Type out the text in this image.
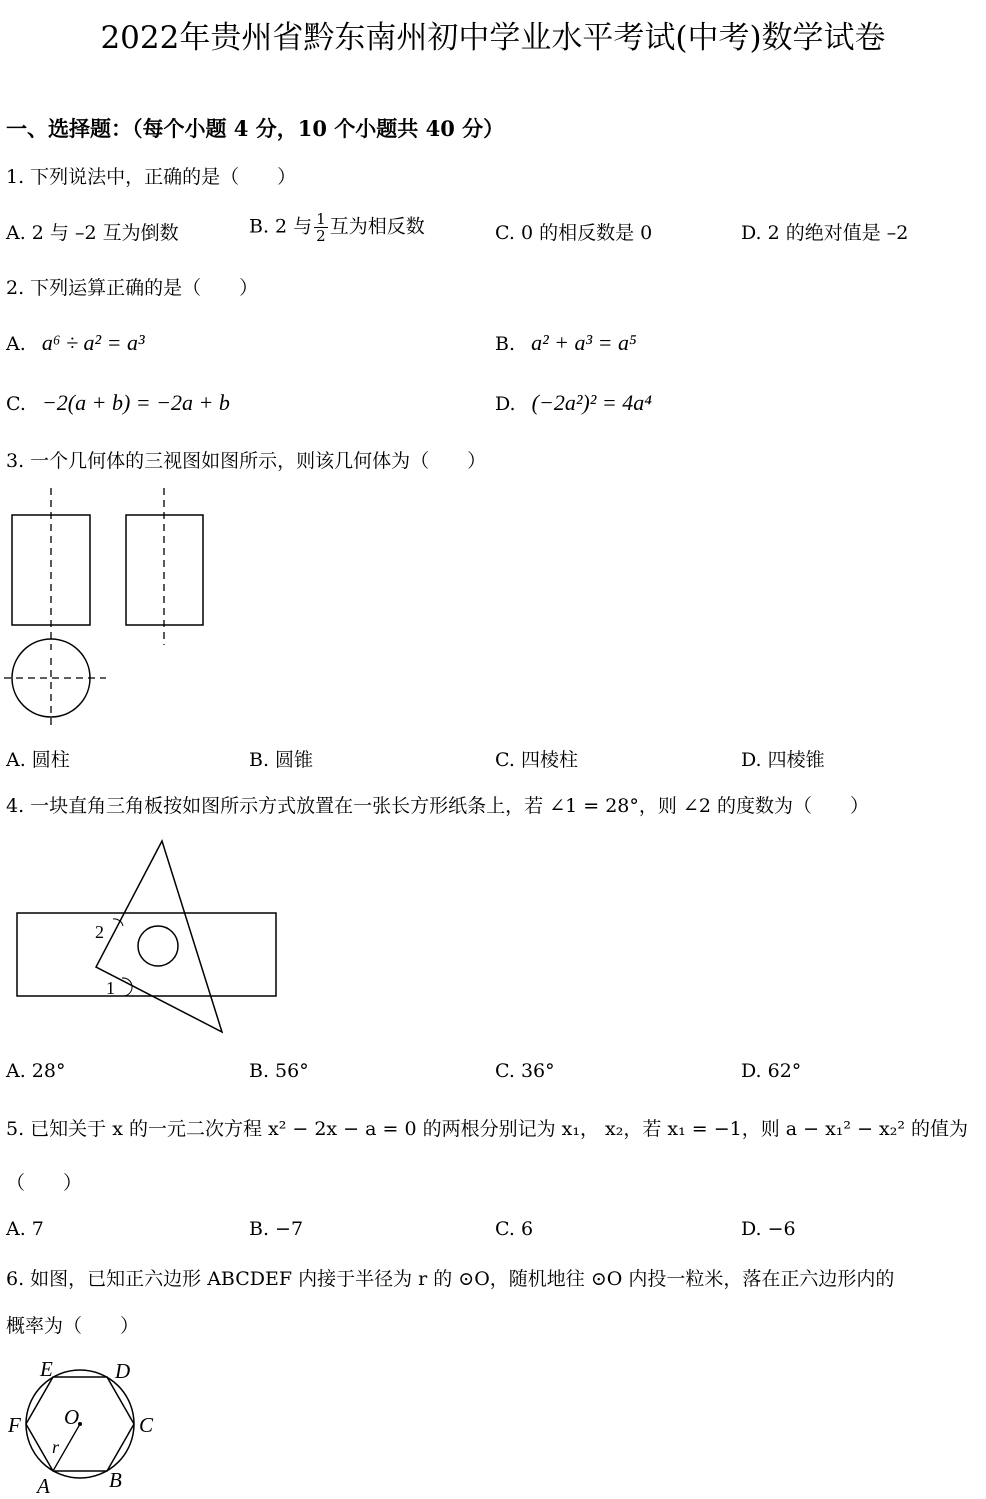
2022年贵州省黔东南州初中学业水平考试(中考)数学试卷
一、选择题：（每个小题 4 分，10 个小题共 40 分）
1. 下列说法中，正确的是（　　）
A. 2 与 –2 互为倒数	B. 2 与 $\frac{1}{2}$ 互为相反数	C. 0 的相反数是 0	D. 2 的绝对值是 –2
2. 下列运算正确的是（　　）
A. a⁶ ÷ a² = a³	B. a² + a³ = a⁵
C. −2(a + b) = −2a + b	D. (−2a²)² = 4a⁴
3. 一个几何体的三视图如图所示，则该几何体为（　　）
A. 圆柱	B. 圆锥	C. 四棱柱	D. 四棱锥
4. 一块直角三角板按如图所示方式放置在一张长方形纸条上，若 ∠1 = 28°，则 ∠2 的度数为（　　）
2
1
A. 28°	B. 56°	C. 36°	D. 62°
5. 已知关于 x 的一元二次方程 x² − 2x − a = 0 的两根分别记为 x₁， x₂，若 x₁ = −1，则 a − x₁² − x₂² 的值为
（　　）
A. 7	B. −7	C. 6	D. −6
6. 如图，已知正六边形 ABCDEF 内接于半径为 r 的 ⊙O，随机地往 ⊙O 内投一粒米，落在正六边形内的
概率为（　　）
E	D
F	C
O
r
A	B
